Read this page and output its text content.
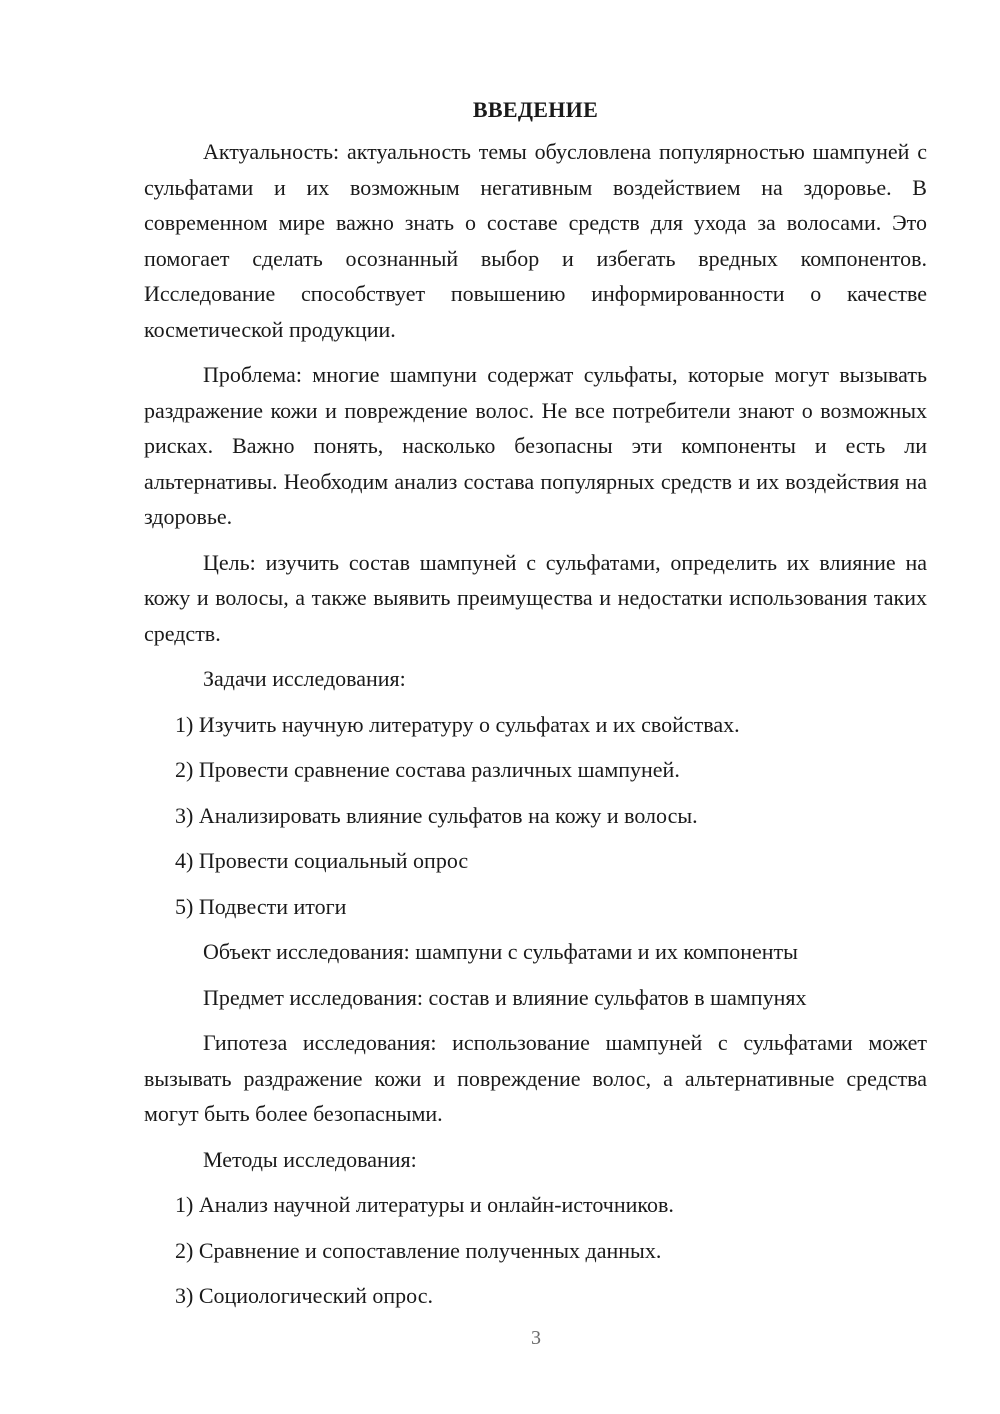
ВВЕДЕНИЕ

Актуальность: актуальность темы обусловлена популярностью шампуней с сульфатами и их возможным негативным воздействием на здоровье. В современном мире важно знать о составе средств для ухода за волосами. Это помогает сделать осознанный выбор и избегать вредных компонентов. Исследование способствует повышению информированности о качестве косметической продукции.

Проблема: многие шампуни содержат сульфаты, которые могут вызывать раздражение кожи и повреждение волос. Не все потребители знают о возможных рисках. Важно понять, насколько безопасны эти компоненты и есть ли альтернативы. Необходим анализ состава популярных средств и их воздействия на здоровье.

Цель: изучить состав шампуней с сульфатами, определить их влияние на кожу и волосы, а также выявить преимущества и недостатки использования таких средств.

Задачи исследования:
1) Изучить научную литературу о сульфатах и их свойствах.
2) Провести сравнение состава различных шампуней.
3) Анализировать влияние сульфатов на кожу и волосы.
4) Провести социальный опрос
5) Подвести итоги
Объект исследования: шампуни с сульфатами и их компоненты
Предмет исследования: состав и влияние сульфатов в шампунях

Гипотеза исследования: использование шампуней с сульфатами может вызывать раздражение кожи и повреждение волос, а альтернативные средства могут быть более безопасными.

Методы исследования:
1) Анализ научной литературы и онлайн-источников.
2) Сравнение и сопоставление полученных данных.
3) Социологический опрос.
3
